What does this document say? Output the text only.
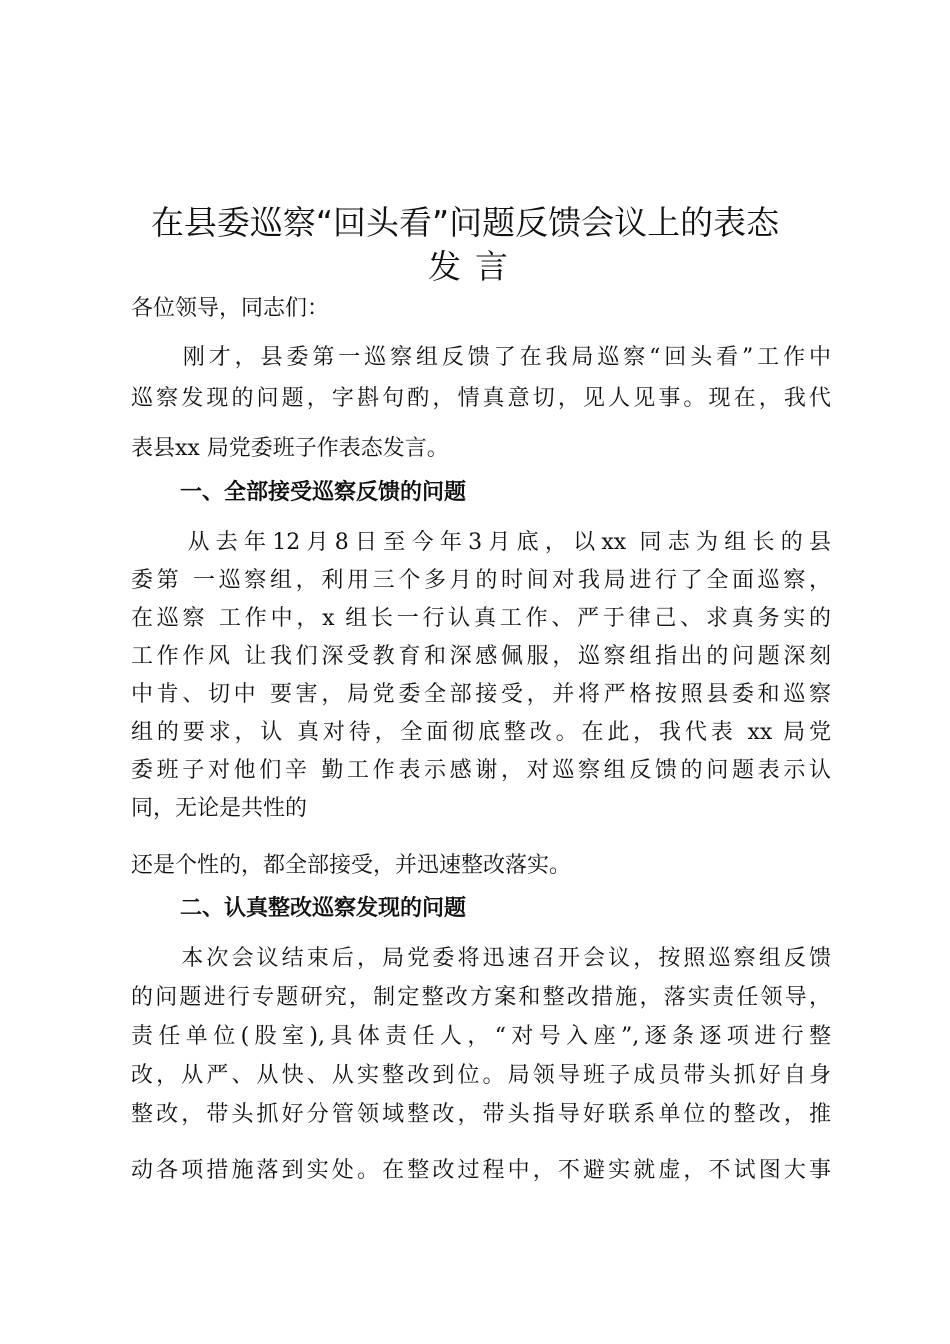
在县委巡察“回头看”问题反馈会议上的表态
发言
各位领导，同志们：
　　刚才，县委第一巡察组反馈了在我局巡察“回头看”工作中
巡察发现的问题，字斟句酌，情真意切，见人见事。现在，我代
表县xx 局党委班子作表态发言。
一、全部接受巡察反馈的问题
　　从去年12月8日至今年3月底，以xx 同志为组长的县
委第 一巡察组，利用三个多月的时间对我局进行了全面巡察，
在巡察 工作中，x 组长一行认真工作、严于律己、求真务实的
工作作风 让我们深受教育和深感佩服，巡察组指出的问题深刻
中肯、切中 要害，局党委全部接受，并将严格按照县委和巡察
组的要求，认 真对待，全面彻底整改。在此，我代表 xx 局党
委班子对他们辛 勤工作表示感谢，对巡察组反馈的问题表示认
同，无论是共性的
还是个性的，都全部接受，并迅速整改落实。
二、认真整改巡察发现的问题
　　本次会议结束后，局党委将迅速召开会议，按照巡察组反馈
的问题进行专题研究，制定整改方案和整改措施，落实责任领导，
责任单位(股室),具体责任人，“对号入座”,逐条逐项进行整
改，从严、从快、从实整改到位。局领导班子成员带头抓好自身
整改，带头抓好分管领域整改，带头指导好联系单位的整改，推
动各项措施落到实处。在整改过程中，不避实就虚，不试图大事
